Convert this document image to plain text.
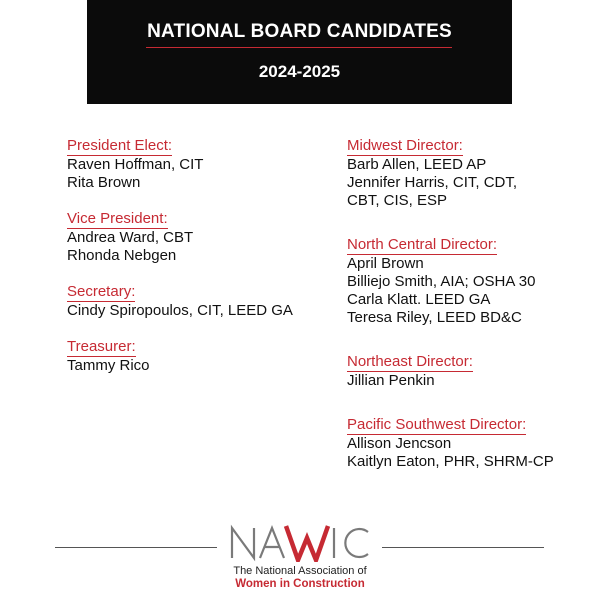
NATIONAL BOARD CANDIDATES
2024-2025
President Elect:
Raven Hoffman, CIT
Rita Brown
Vice President:
Andrea Ward, CBT
Rhonda Nebgen
Secretary:
Cindy Spiropoulos, CIT, LEED GA
Treasurer:
Tammy Rico
Midwest Director:
Barb Allen, LEED AP
Jennifer Harris, CIT, CDT,
CBT, CIS, ESP
North Central Director:
April Brown
Billiejo Smith, AIA; OSHA 30
Carla Klatt. LEED GA
Teresa Riley, LEED BD&C
Northeast Director:
Jillian Penkin
Pacific Southwest Director:
Allison Jencson
Kaitlyn Eaton, PHR, SHRM-CP
The National Association of
Women in Construction
